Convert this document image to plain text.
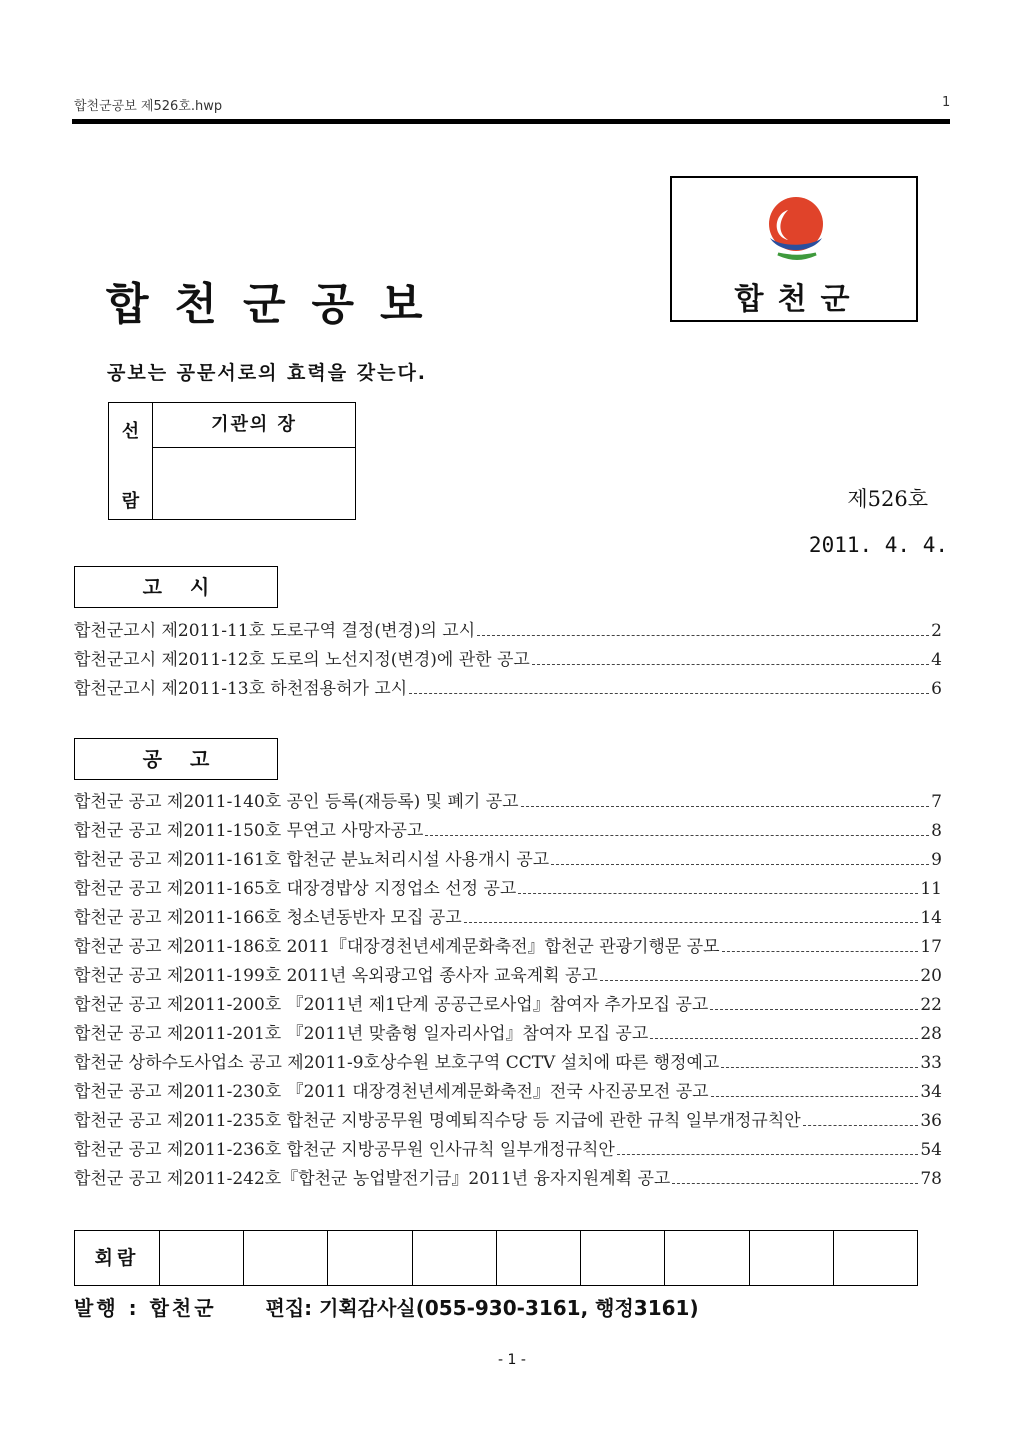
합천군공보 제526호.hwp	1
합천군공보
공보는 공문서로의 효력을 갖는다.
합천군
선
람
기관의 장
제526호
2011. 4. 4.
고시
합천군고시 제2011-11호 도로구역 결정(변경)의 고시	2
합천군고시 제2011-12호 도로의 노선지정(변경)에 관한 공고	4
합천군고시 제2011-13호 하천점용허가 고시	6
공고
합천군 공고 제2011-140호 공인 등록(재등록) 및 폐기 공고	7
합천군 공고 제2011-150호 무연고 사망자공고	8
합천군 공고 제2011-161호 합천군 분뇨처리시설 사용개시 공고	9
합천군 공고 제2011-165호 대장경밥상 지정업소 선정 공고	11
합천군 공고 제2011-166호 청소년동반자 모집 공고	14
합천군 공고 제2011-186호 2011『대장경천년세계문화축전』합천군 관광기행문 공모	17
합천군 공고 제2011-199호 2011년 옥외광고업 종사자 교육계획 공고	20
합천군 공고 제2011-200호 『2011년 제1단계 공공근로사업』참여자 추가모집 공고	22
합천군 공고 제2011-201호 『2011년 맞춤형 일자리사업』참여자 모집 공고	28
합천군 상하수도사업소 공고 제2011-9호상수원 보호구역 CCTV 설치에 따른 행정예고	33
합천군 공고 제2011-230호 『2011 대장경천년세계문화축전』전국 사진공모전 공고	34
합천군 공고 제2011-235호 합천군 지방공무원 명예퇴직수당 등 지급에 관한 규칙 일부개정규칙안	36
합천군 공고 제2011-236호 합천군 지방공무원 인사규칙 일부개정규칙안	54
합천군 공고 제2011-242호『합천군 농업발전기금』2011년 융자지원계획 공고	78
회람
발행 : 합천군 편집: 기획감사실(055-930-3161, 행정3161)
- 1 -
